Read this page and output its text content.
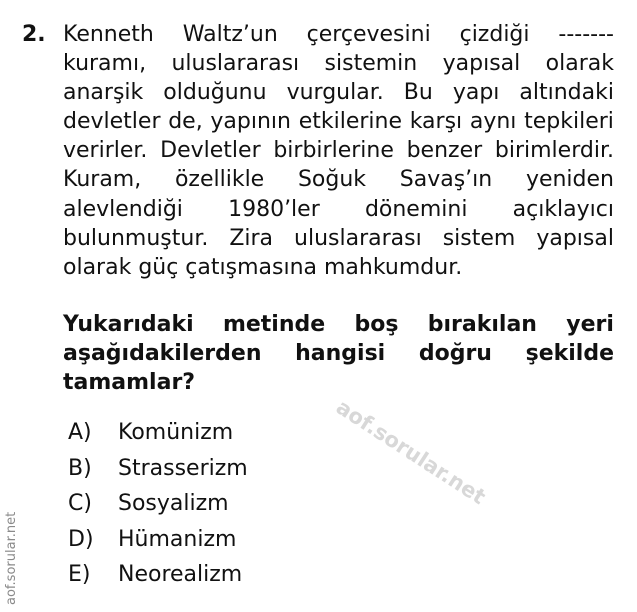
2. Kenneth Waltz’un çerçevesini çizdiği -------
kuramı, uluslararası sistemin yapısal olarak
anarşik olduğunu vurgular. Bu yapı altındaki
devletler de, yapının etkilerine karşı aynı tepkileri
verirler. Devletler birbirlerine benzer birimlerdir.
Kuram, özellikle Soğuk Savaş’ın yeniden
alevlendiği 1980’ler dönemini açıklayıcı
bulunmuştur. Zira uluslararası sistem yapısal
olarak güç çatışmasına mahkumdur.
Yukarıdaki metinde boş bırakılan yeri
aşağıdakilerden hangisi doğru şekilde
tamamlar?
A)	Komünizm
B)	Strasserizm
C)	Sosyalizm
D)	Hümanizm
E)	Neorealizm
aof.sorular.net
aof.sorular.net
